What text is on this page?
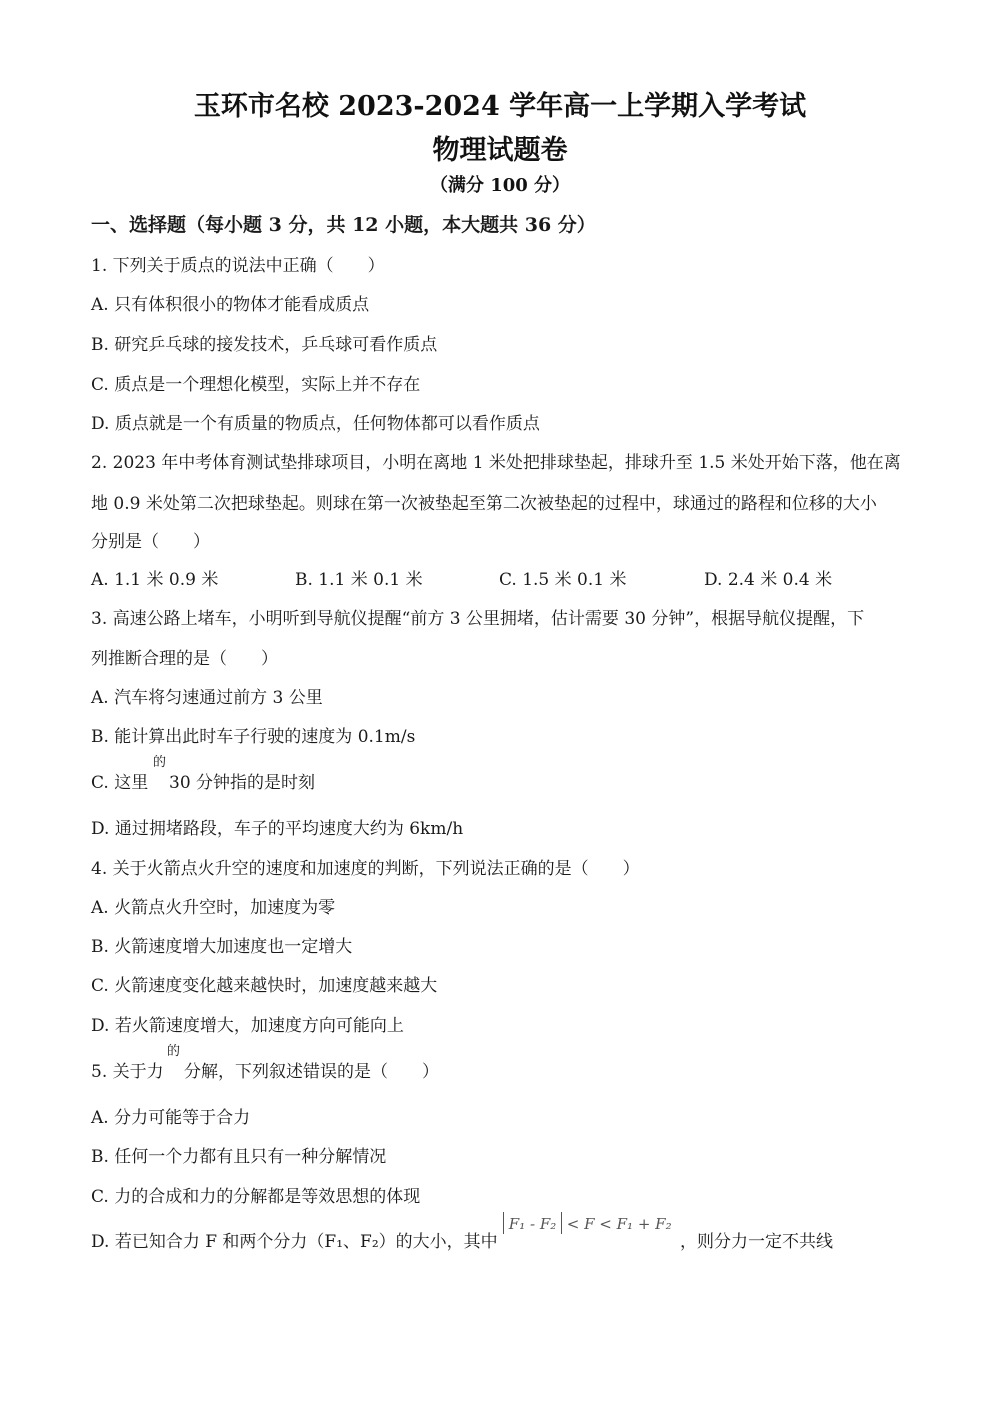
玉环市名校 2023-2024 学年高一上学期入学考试
物理试题卷
（满分 100 分）
一、选择题（每小题 3 分，共 12 小题，本大题共 36 分）
1. 下列关于质点的说法中正确（　　）
A. 只有体积很小的物体才能看成质点
B. 研究乒乓球的接发技术，乒乓球可看作质点
C. 质点是一个理想化模型，实际上并不存在
D. 质点就是一个有质量的物质点，任何物体都可以看作质点
2. 2023 年中考体育测试垫排球项目，小明在离地 1 米处把排球垫起，排球升至 1.5 米处开始下落，他在离
地 0.9 米处第二次把球垫起。则球在第一次被垫起至第二次被垫起的过程中，球通过的路程和位移的大小
分别是（　　）
A. 1.1 米 0.9 米	B. 1.1 米 0.1 米	C. 1.5 米 0.1 米	D. 2.4 米 0.4 米
3. 高速公路上堵车，小明听到导航仪提醒“前方 3 公里拥堵，估计需要 30 分钟”，根据导航仪提醒，下
列推断合理的是（　　）
A. 汽车将匀速通过前方 3 公里
B. 能计算出此时车子行驶的速度为 0.1m/s
C. 这里
的
30 分钟指的是时刻
D. 通过拥堵路段，车子的平均速度大约为 6km/h
4. 关于火箭点火升空的速度和加速度的判断，下列说法正确的是（　　）
A. 火箭点火升空时，加速度为零
B. 火箭速度增大加速度也一定增大
C. 火箭速度变化越来越快时，加速度越来越大
D. 若火箭速度增大，加速度方向可能向上
5. 关于力
的
分解，下列叙述错误的是（　　）
A. 分力可能等于合力
B. 任何一个力都有且只有一种分解情况
C. 力的合成和力的分解都是等效思想的体现
D. 若已知合力 F 和两个分力（F₁、F₂）的大小，其中
F₁ - F₂  < F < F₁ + F₂
，则分力一定不共线
